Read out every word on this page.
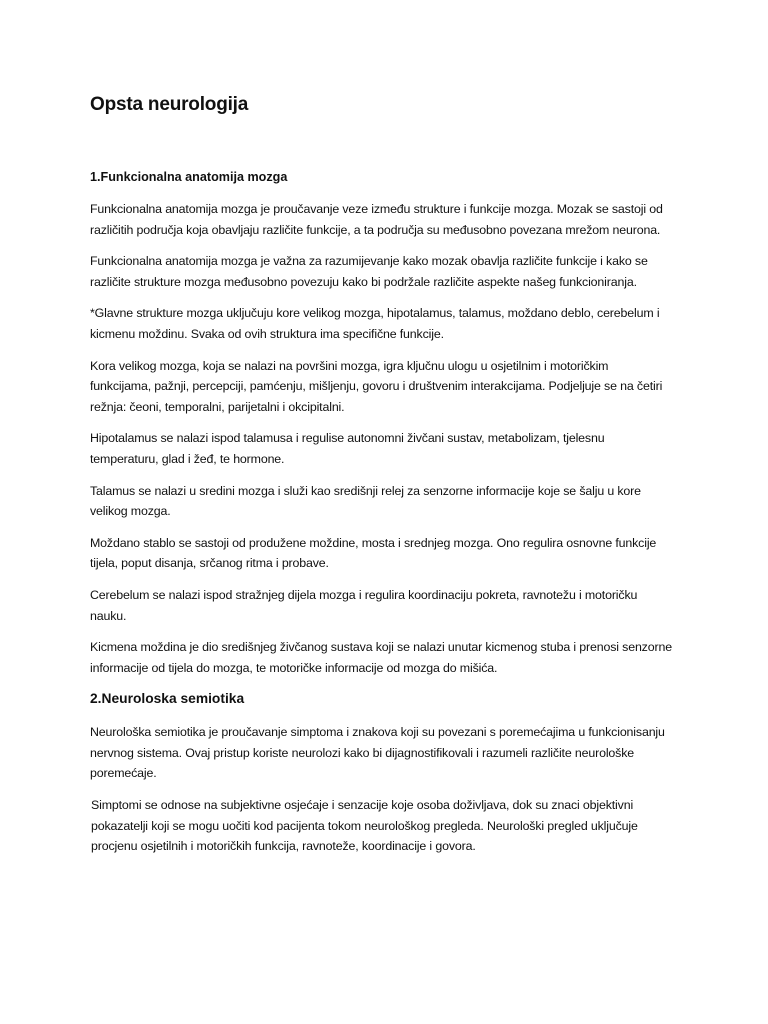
Opsta neurologija
1.Funkcionalna anatomija mozga

Funkcionalna anatomija mozga je proučavanje veze između strukture i funkcije mozga. Mozak se sastoji od različitih područja koja obavljaju različite funkcije, a ta područja su međusobno povezana mrežom neurona.

Funkcionalna anatomija mozga je važna za razumijevanje kako mozak obavlja različite funkcije i kako se različite strukture mozga međusobno povezuju kako bi podržale različite aspekte našeg funkcioniranja.

*Glavne strukture mozga uključuju kore velikog mozga, hipotalamus, talamus, moždano deblo, cerebelum i kicmenu moždinu. Svaka od ovih struktura ima specifične funkcije.

Kora velikog mozga, koja se nalazi na površini mozga, igra ključnu ulogu u osjetilnim i motoričkim funkcijama, pažnji, percepciji, pamćenju, mišljenju, govoru i društvenim interakcijama. Podjeljuje se na četiri režnja: čeoni, temporalni, parijetalni i okcipitalni.

Hipotalamus se nalazi ispod talamusa i regulise autonomni živčani sustav, metabolizam, tjelesnu temperaturu, glad i žeđ, te hormone.

Talamus se nalazi u sredini mozga i služi kao središnji relej za senzorne informacije koje se šalju u kore velikog mozga.

Moždano stablo se sastoji od produžene moždine, mosta i srednjeg mozga. Ono regulira osnovne funkcije tijela, poput disanja, srčanog ritma i probave.

Cerebelum se nalazi ispod stražnjeg dijela mozga i regulira koordinaciju pokreta, ravnotežu i motoričku nauku.

Kicmena moždina je dio središnjeg živčanog sustava koji se nalazi unutar kicmenog stuba i prenosi senzorne informacije od tijela do mozga, te motoričke informacije od mozga do mišića.

2.Neuroloska semiotika

Neurološka semiotika je proučavanje simptoma i znakova koji su povezani s poremećajima u funkcionisanju nervnog sistema. Ovaj pristup koriste neurolozi kako bi dijagnostifikovali i razumeli različite neurološke poremećaje.

Simptomi se odnose na subjektivne osjećaje i senzacije koje osoba doživljava, dok su znaci objektivni pokazatelji koji se mogu uočiti kod pacijenta tokom neurološkog pregleda. Neurološki pregled uključuje procjenu osjetilnih i motoričkih funkcija, ravnoteže, koordinacije i govora.
